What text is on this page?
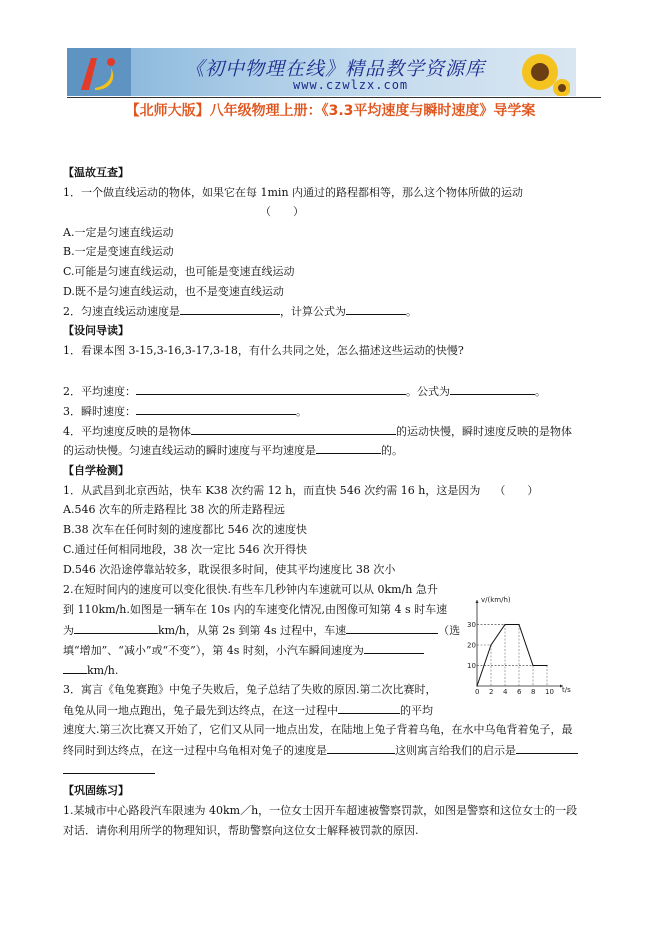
《初中物理在线》精品教学资源库
www.czwlzx.com
【北师大版】八年级物理上册：《3.3平均速度与瞬时速度》导学案
【温故互查】
1．一个做直线运动的物体，如果它在每 1min 内通过的路程都相等，那么这个物体所做的运动
（　　）
A.一定是匀速直线运动
B.一定是变速直线运动
C.可能是匀速直线运动，也可能是变速直线运动
D.既不是匀速直线运动，也不是变速直线运动
2．匀速直线运动速度是	，计算公式为	。
【设问导读】
1．看课本图 3-15,3-16,3-17,3-18，有什么共同之处，怎么描述这些运动的快慢?
2．平均速度：	。公式为	。
3．瞬时速度：	。
4．平均速度反映的是物体	的运动快慢，瞬时速度反映的是物体
的运动快慢。匀速直线运动的瞬时速度与平均速度是	的。
【自学检测】
1．从武昌到北京西站，快车 K38 次约需 12 h，而直快 546 次约需 16 h，这是因为 （　　）
A.546 次车的所走路程比 38 次的所走路程远
B.38 次车在任何时刻的速度都比 546 次的速度快
C.通过任何相同地段，38 次一定比 546 次开得快
D.546 次沿途停靠站较多，耽误很多时间，使其平均速度比 38 次小
2.在短时间内的速度可以变化很快.有些车几秒钟内车速就可以从 0km/h 急升
到 110km/h.如图是一辆车在 10s 内的车速变化情况,由图像可知第 4 s 时车速
为	km/h，从第 2s 到第 4s 过程中，车速	（选
填“增加”、“减小”或“不变”），第 4s 时刻，小汽车瞬间速度为
km/h.
0 2 4 6 8 10
10
20
30
v/(km/h)
t/s
3．寓言《龟兔赛跑》中兔子失败后，兔子总结了失败的原因.第二次比赛时，
龟兔从同一地点跑出，兔子最先到达终点，在这一过程中	的平均
速度大.第三次比赛又开始了，它们又从同一地点出发，在陆地上兔子背着乌龟，在水中乌龟背着兔子，最
终同时到达终点，在这一过程中乌龟相对兔子的速度是	这则寓言给我们的启示是
【巩固练习】
1.某城市中心路段汽车限速为 40km／h，一位女士因开车超速被警察罚款，如图是警察和这位女士的一段
对话．请你利用所学的物理知识，帮助警察向这位女士解释被罚款的原因.
